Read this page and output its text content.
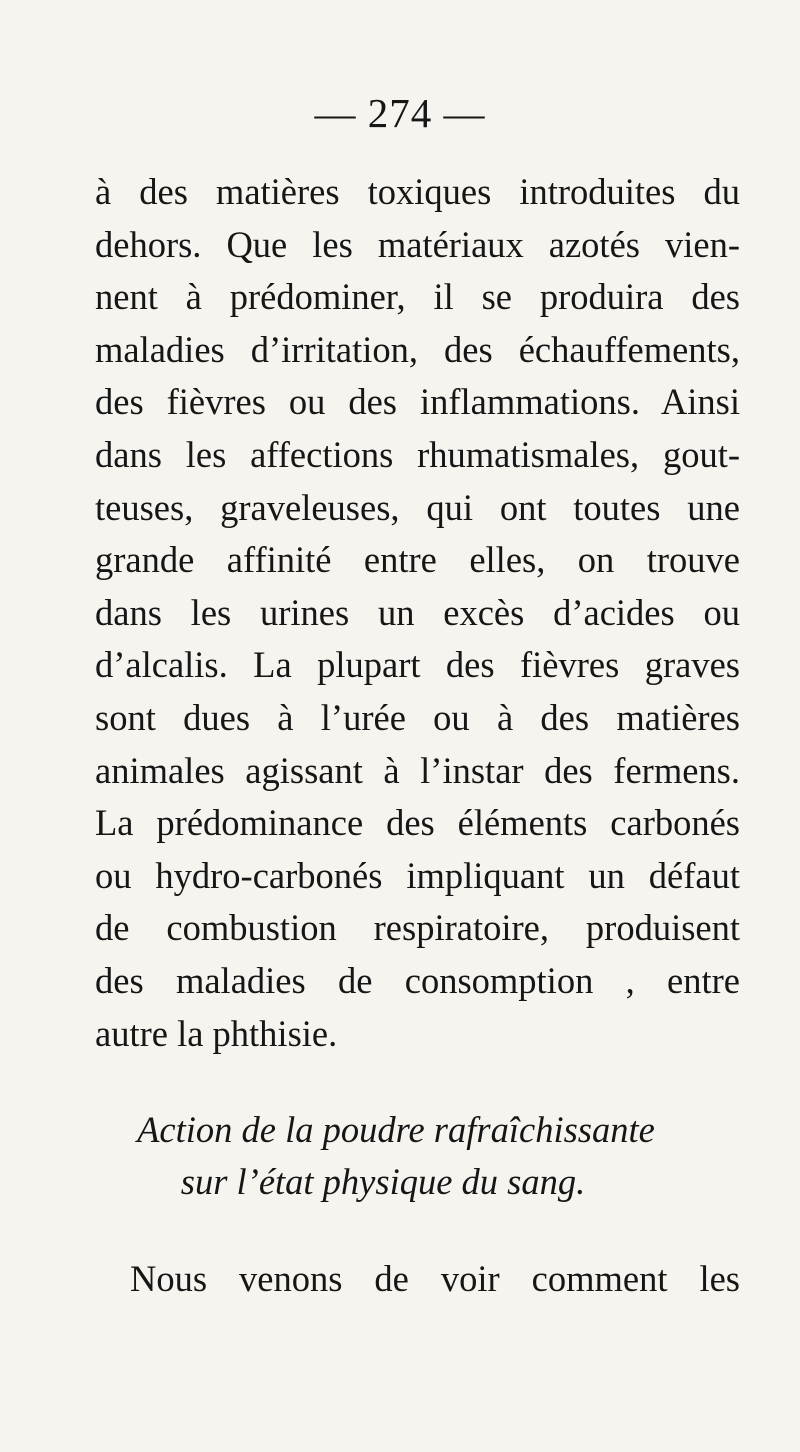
— 274 —
à des matières toxiques introduites du
dehors. Que les matériaux azotés vien-
nent à prédominer, il se produira des
maladies d’irritation, des échauffements,
des fièvres ou des inflammations. Ainsi
dans les affections rhumatismales, gout-
teuses, graveleuses, qui ont toutes une
grande affinité entre elles, on trouve
dans les urines un excès d’acides ou
d’alcalis. La plupart des fièvres graves
sont dues à l’urée ou à des matières
animales agissant à l’instar des fermens.
La prédominance des éléments carbonés
ou hydro-carbonés impliquant un défaut
de combustion respiratoire, produisent
des maladies de consomption , entre
autre la phthisie.
Action de la poudre rafraîchissante
sur l’état physique du sang.
Nous venons de voir comment les
